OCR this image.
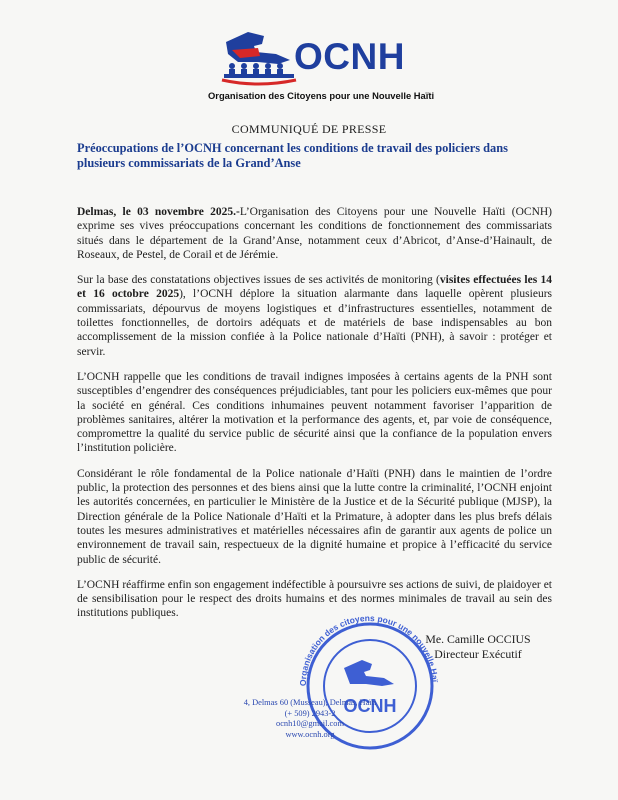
OCNH
Organisation des Citoyens pour une Nouvelle Haïti
COMMUNIQUÉ DE PRESSE
Préoccupations de l’OCNH concernant les conditions de travail des policiers dans plusieurs commissariats de la Grand’Anse

Delmas, le 03 novembre 2025.-L’Organisation des Citoyens pour une Nouvelle Haïti (OCNH) exprime ses vives préoccupations concernant les conditions de fonctionnement des commissariats situés dans le département de la Grand’Anse, notamment ceux d’Abricot, d’Anse-d’Hainault, de Roseaux, de Pestel, de Corail et de Jérémie.

Sur la base des constatations objectives issues de ses activités de monitoring (visites effectuées les 14 et 16 octobre 2025), l’OCNH déplore la situation alarmante dans laquelle opèrent plusieurs commissariats, dépourvus de moyens logistiques et d’infrastructures essentielles, notamment de toilettes fonctionnelles, de dortoirs adéquats et de matériels de base indispensables au bon accomplissement de la mission confiée à la Police nationale d’Haïti (PNH), à savoir : protéger et servir.

L’OCNH rappelle que les conditions de travail indignes imposées à certains agents de la PNH sont susceptibles d’engendrer des conséquences préjudiciables, tant pour les policiers eux-mêmes que pour la société en général. Ces conditions inhumaines peuvent notamment favoriser l’apparition de problèmes sanitaires, altérer la motivation et la performance des agents, et, par voie de conséquence, compromettre la qualité du service public de sécurité ainsi que la confiance de la population envers l’institution policière.

Considérant le rôle fondamental de la Police nationale d’Haïti (PNH) dans le maintien de l’ordre public, la protection des personnes et des biens ainsi que la lutte contre la criminalité, l’OCNH enjoint les autorités concernées, en particulier le Ministère de la Justice et de la Sécurité publique (MJSP), la Direction générale de la Police Nationale d’Haïti et la Primature, à adopter dans les plus brefs délais toutes les mesures administratives et matérielles nécessaires afin de garantir aux agents de police un environnement de travail sain, respectueux de la dignité humaine et propice à l’efficacité du service public de sécurité.

L’OCNH réaffirme enfin son engagement indéfectible à poursuivre ses actions de suivi, de plaidoyer et de sensibilisation pour le respect des droits humains et des normes minimales de travail au sein des institutions publiques.

Organisation des citoyens pour une nouvelle Haï
OCNH
Me. Camille OCCIUS
Directeur Exécutif
4, Delmas 60 (Musseau), Delmas, Haïti
(+ 509) 2943-2
ocnh10@gmail.com
www.ocnh.org
